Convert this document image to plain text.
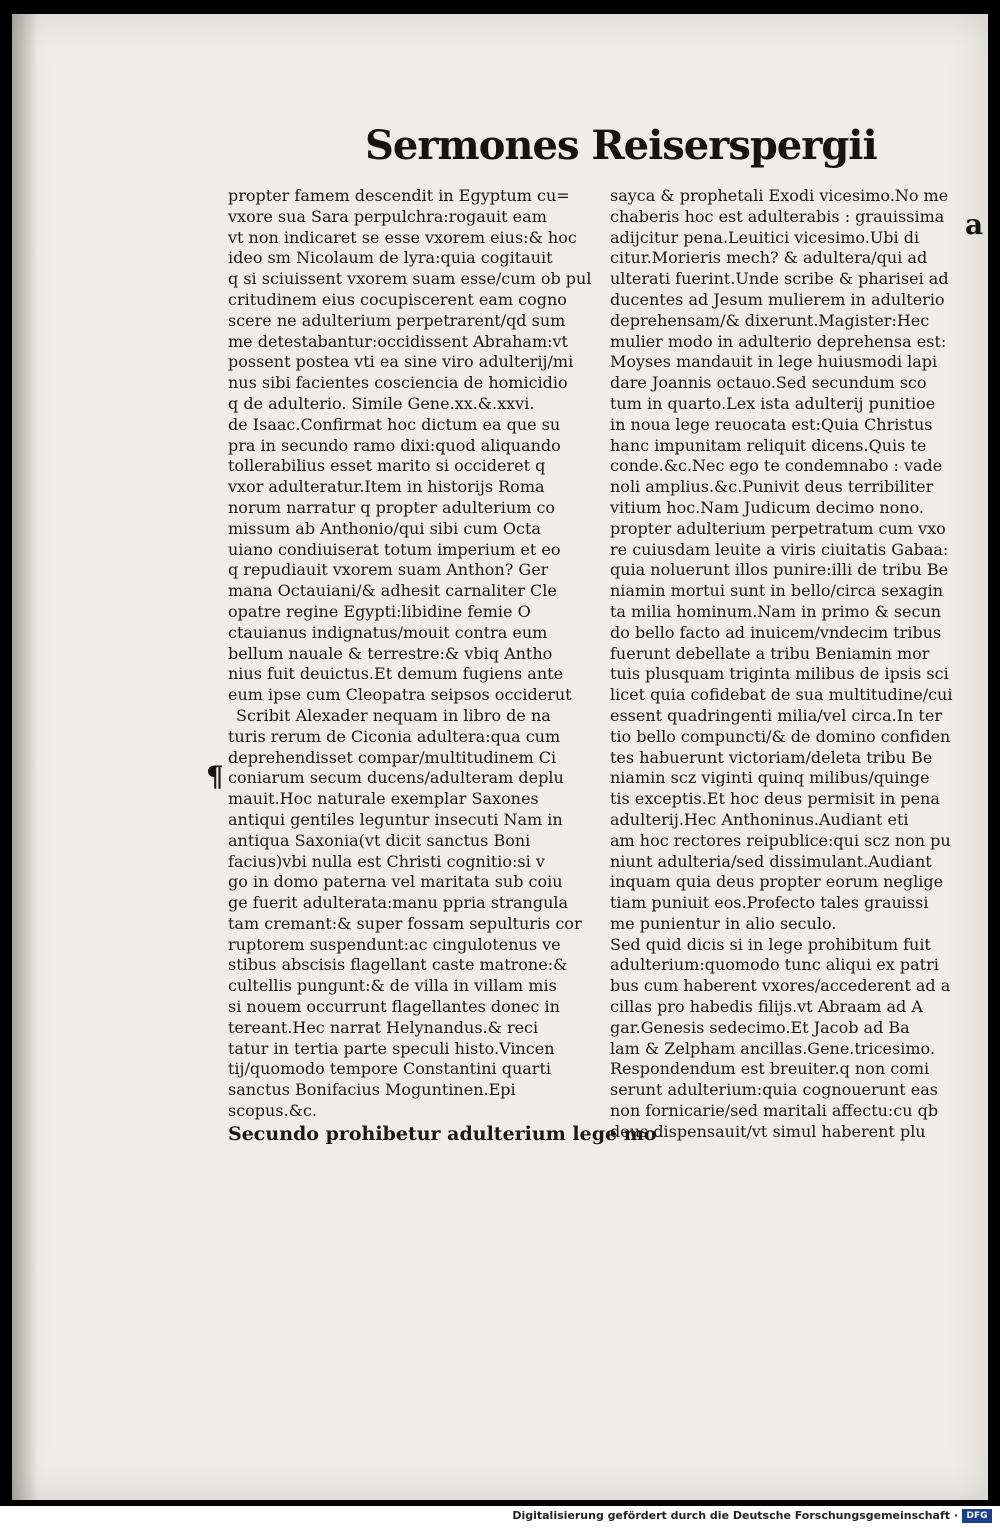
Sermones Reiserspergii
propter famem descendit in Egyptum cu=
vxore sua Sara perpulchra:rogauit eam
vt non indicaret se esse vxorem eius:& hoc
ideo sm Nicolaum de lyra:quia cogitauit
q si sciuissent vxorem suam esse/cum ob pul
critudinem eius cocupiscerent eam cogno
scere ne adulterium perpetrarent/qd sum
me detestabantur:occidissent Abraham:vt
possent postea vti ea sine viro adulterij/mi
nus sibi facientes cosciencia de homicidio
q de adulterio. Simile Gene.xx.&.xxvi.
de Isaac.Confirmat hoc dictum ea que su
pra in secundo ramo dixi:quod aliquando
tollerabilius esset marito si occideret q
vxor adulteratur.Item in historijs Roma
norum narratur q propter adulterium co
missum ab Anthonio/qui sibi cum Octa
uiano condiuiserat totum imperium et eo
q repudiauit vxorem suam Anthon? Ger
mana Octauiani/& adhesit carnaliter Cle
opatre regine Egypti:libidine femie O
ctauianus indignatus/mouit contra eum
bellum nauale & terrestre:& vbiq Antho
nius fuit deuictus.Et demum fugiens ante
eum ipse cum Cleopatra seipsos occiderut
Scribit Alexader nequam in libro de na
turis rerum de Ciconia adultera:qua cum
deprehendisset compar/multitudinem Ci
coniarum secum ducens/adulteram deplu
mauit.Hoc naturale exemplar Saxones
antiqui gentiles leguntur insecuti Nam in
antiqua Saxonia(vt dicit sanctus Boni
facius)vbi nulla est Christi cognitio:si v
go in domo paterna vel maritata sub coiu
ge fuerit adulterata:manu ppria strangula
tam cremant:& super fossam sepulturis cor
ruptorem suspendunt:ac cingulotenus ve
stibus abscisis flagellant caste matrone:&
cultellis pungunt:& de villa in villam mis
si nouem occurrunt flagellantes donec in
tereant.Hec narrat Helynandus.& reci
tatur in tertia parte speculi histo.Vincen
tij/quomodo tempore Constantini quarti
sanctus Bonifacius Moguntinen.Epi
scopus.&c.
Secundo prohibetur adulterium lege mo
sayca & prophetali Exodi vicesimo.No me
chaberis hoc est adulterabis : grauissima
adijcitur pena.Leuitici vicesimo.Ubi di
citur.Morieris mech? & adultera/qui ad
ulterati fuerint.Unde scribe & pharisei ad
ducentes ad Jesum mulierem in adulterio
deprehensam/& dixerunt.Magister:Hec
mulier modo in adulterio deprehensa est:
Moyses mandauit in lege huiusmodi lapi
dare Joannis octauo.Sed secundum sco
tum in quarto.Lex ista adulterij punitioe
in noua lege reuocata est:Quia Christus
hanc impunitam reliquit dicens.Quis te
conde.&c.Nec ego te condemnabo : vade
noli amplius.&c.Punivit deus terribiliter
vitium hoc.Nam Judicum decimo nono.
propter adulterium perpetratum cum vxo
re cuiusdam leuite a viris ciuitatis Gabaa:
quia noluerunt illos punire:illi de tribu Be
niamin mortui sunt in bello/circa sexagin
ta milia hominum.Nam in primo & secun
do bello facto ad inuicem/vndecim tribus
fuerunt debellate a tribu Beniamin mor
tuis plusquam triginta milibus de ipsis sci
licet quia cofidebat de sua multitudine/cui
essent quadringenti milia/vel circa.In ter
tio bello compuncti/& de domino confiden
tes habuerunt victoriam/deleta tribu Be
niamin scz viginti quinq milibus/quinge
tis exceptis.Et hoc deus permisit in pena
adulterij.Hec Anthoninus.Audiant eti
am hoc rectores reipublice:qui scz non pu
niunt adulteria/sed dissimulant.Audiant
inquam quia deus propter eorum neglige
tiam puniuit eos.Profecto tales grauissi
me punientur in alio seculo.
Sed quid dicis si in lege prohibitum fuit
adulterium:quomodo tunc aliqui ex patri
bus cum haberent vxores/accederent ad a
cillas pro habedis filijs.vt Abraam ad A
gar.Genesis sedecimo.Et Jacob ad Ba
lam & Zelpham ancillas.Gene.tricesimo.
Respondendum est breuiter.q non comi
serunt adulterium:quia cognouerunt eas
non fornicarie/sed maritali affectu:cu qb
deus dispensauit/vt simul haberent plu
a
¶
Digitalisierung gefördert durch die Deutsche Forschungsgemeinschaft · DFG
